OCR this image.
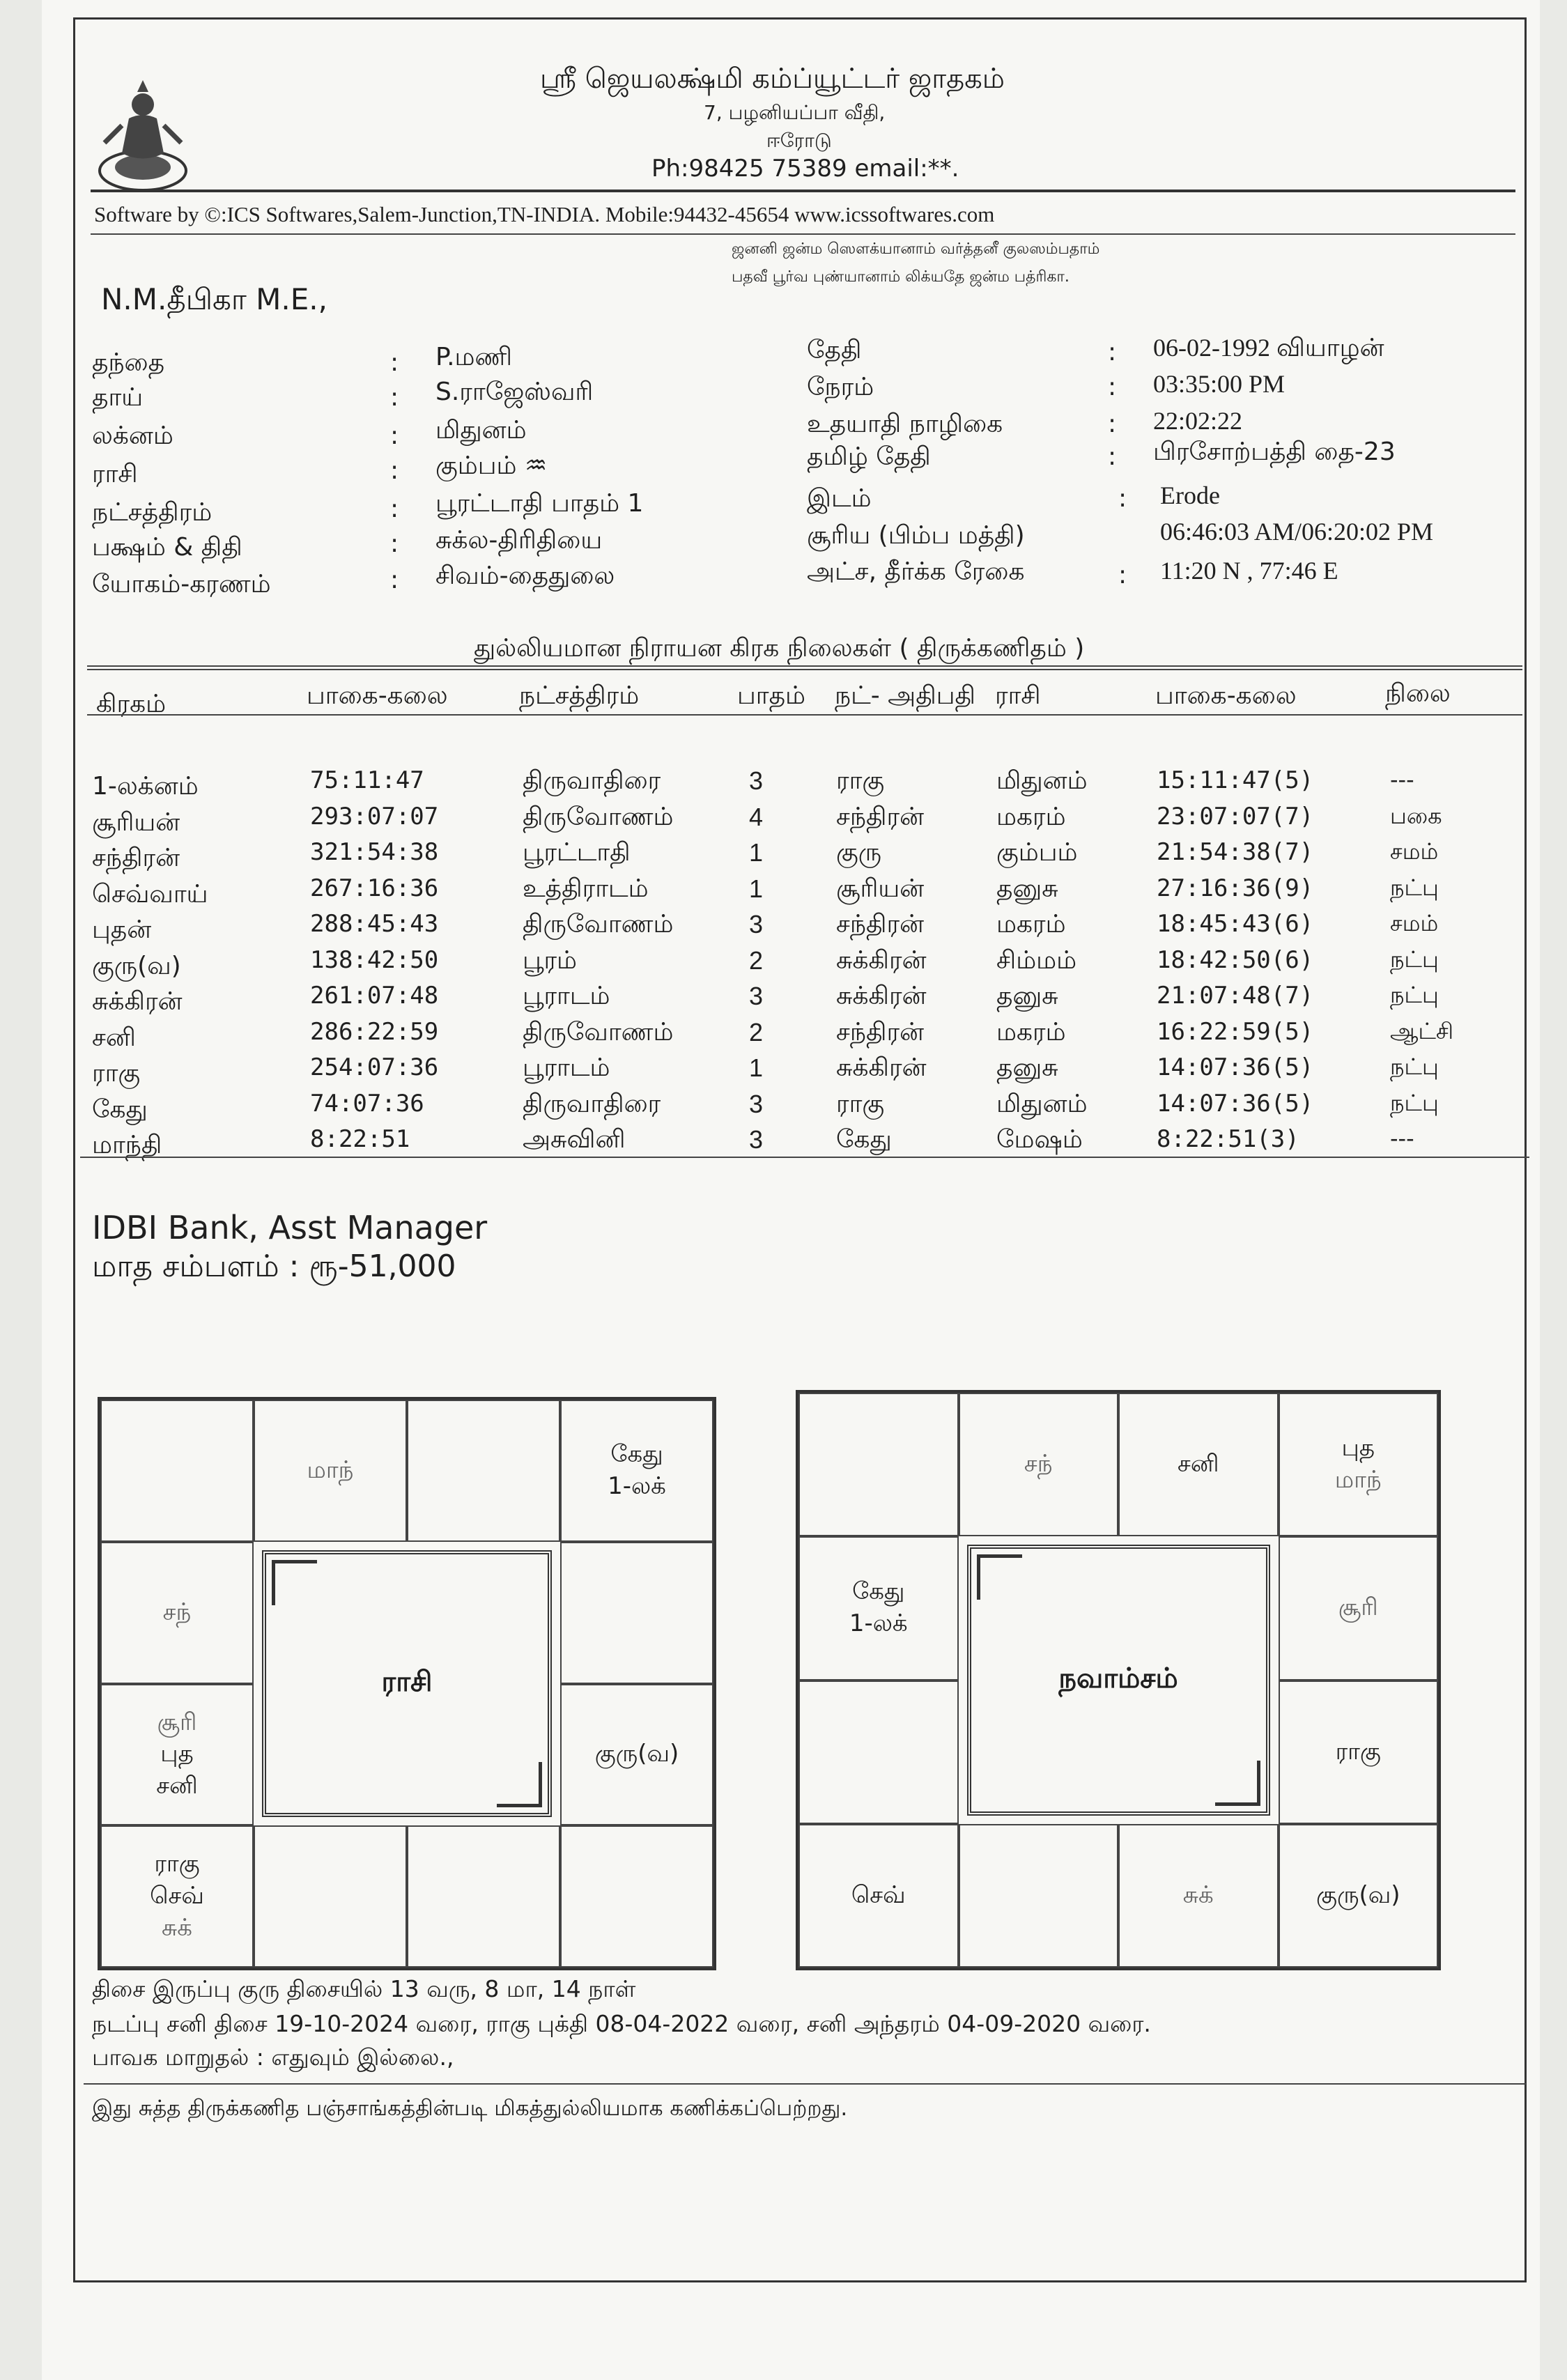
ஸ்ரீ ஜெயலக்ஷ்மி கம்ப்யூட்டர் ஜாதகம்
7, பழனியப்பா வீதி,
ஈரோடு
Ph:98425 75389 email:**.
Software by ©:ICS Softwares,Salem-Junction,TN-INDIA. Mobile:94432-45654 www.icssoftwares.com
ஜனனி ஜன்ம ஸௌக்யானாம் வர்த்தனீ குலஸம்பதாம்
பதவீ பூர்வ புண்யானாம் லிக்யதே ஜன்ம பத்ரிகா.
N.M.தீபிகா M.E.,
தந்தை	: P.மணி
தாய்	: S.ராஜேஸ்வரி
லக்னம்	: மிதுனம்
ராசி	: கும்பம் ♒
நட்சத்திரம்	: பூரட்டாதி பாதம் 1
பக்ஷம் & திதி	: சுக்ல-திரிதியை
யோகம்-கரணம்	: சிவம்-தைதுலை
தேதி	: 06-02-1992 வியாழன்
நேரம்	: 03:35:00 PM
உதயாதி நாழிகை	: 22:02:22
தமிழ் தேதி	: பிரசோற்பத்தி தை-23
இடம்	: Erode
சூரிய (பிம்ப மத்தி)	06:46:03 AM/06:20:02 PM
அட்ச, தீர்க்க ரேகை	: 11:20 N , 77:46 E
துல்லியமான நிராயன கிரக நிலைகள் ( திருக்கணிதம் )
கிரகம்	பாகை-கலை	நட்சத்திரம்	பாதம் நட்- அதிபதி ராசி	பாகை-கலை	நிலை
1-லக்னம்	75:11:47	திருவாதிரை	3	ராகு	மிதுனம்	15:11:47(5)	---
சூரியன்	293:07:07	திருவோணம்	4	சந்திரன்	மகரம்	23:07:07(7)	பகை
சந்திரன்	321:54:38	பூரட்டாதி	1	குரு	கும்பம்	21:54:38(7)	சமம்
செவ்வாய்	267:16:36	உத்திராடம்	1	சூரியன்	தனுசு	27:16:36(9)	நட்பு
புதன்	288:45:43	திருவோணம்	3	சந்திரன்	மகரம்	18:45:43(6)	சமம்
குரு(வ)	138:42:50	பூரம்	2	சுக்கிரன்	சிம்மம்	18:42:50(6)	நட்பு
சுக்கிரன்	261:07:48	பூராடம்	3	சுக்கிரன்	தனுசு	21:07:48(7)	நட்பு
சனி	286:22:59	திருவோணம்	2	சந்திரன்	மகரம்	16:22:59(5)	ஆட்சி
ராகு	254:07:36	பூராடம்	1	சுக்கிரன்	தனுசு	14:07:36(5)	நட்பு
கேது	74:07:36	திருவாதிரை	3	ராகு	மிதுனம்	14:07:36(5)	நட்பு
மாந்தி	8:22:51	அசுவினி	3	கேது	மேஷம்	8:22:51(3)	---
IDBI Bank, Asst Manager
மாத சம்பளம் : ரூ-51,000
மாந்
கேது
1-லக்
சந்
சூரி
புத
சனி
குரு(வ)
ராகு
செவ்
சுக்
ராசி
சந்	சனி
புத
மாந்
கேது
1-லக்
சூரி
ராகு
செவ்	சுக்	குரு(வ)
நவாம்சம்
திசை இருப்பு குரு திசையில் 13 வரு, 8 மா, 14 நாள்
நடப்பு சனி திசை 19-10-2024 வரை, ராகு புக்தி 08-04-2022 வரை, சனி அந்தரம் 04-09-2020 வரை.
பாவக மாறுதல் : எதுவும் இல்லை.,
இது சுத்த திருக்கணித பஞ்சாங்கத்தின்படி மிகத்துல்லியமாக கணிக்கப்பெற்றது.
